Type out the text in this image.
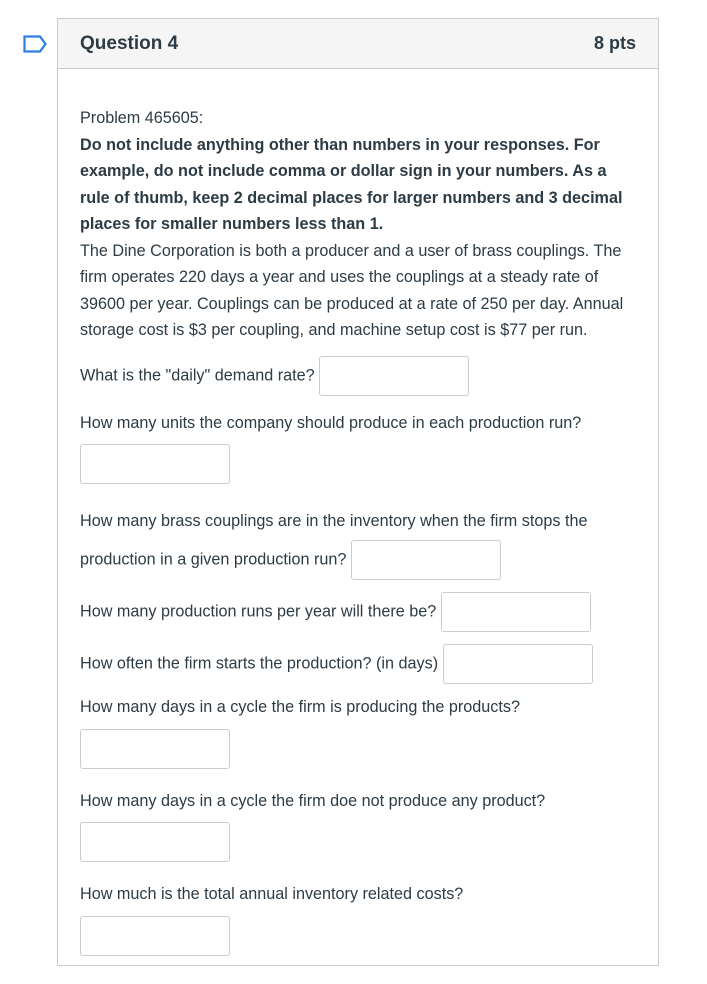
Question 4	8 pts

Problem 465605:

Do not include anything other than numbers in your responses. For example, do not include comma or dollar sign in your numbers. As a rule of thumb, keep 2 decimal places for larger numbers and 3 decimal places for smaller numbers less than 1.

The Dine Corporation is both a producer and a user of brass couplings. The firm operates 220 days a year and uses the couplings at a steady rate of 39600 per year. Couplings can be produced at a rate of 250 per day. Annual storage cost is $3 per coupling, and machine setup cost is $77 per run.

What is the "daily" demand rate?
How many units the company should produce in each production run?
How many brass couplings are in the inventory when the firm stops the production in a given production run?
How many production runs per year will there be?
How often the firm starts the production? (in days)
How many days in a cycle the firm is producing the products?
How many days in a cycle the firm doe not produce any product?
How much is the total annual inventory related costs?
